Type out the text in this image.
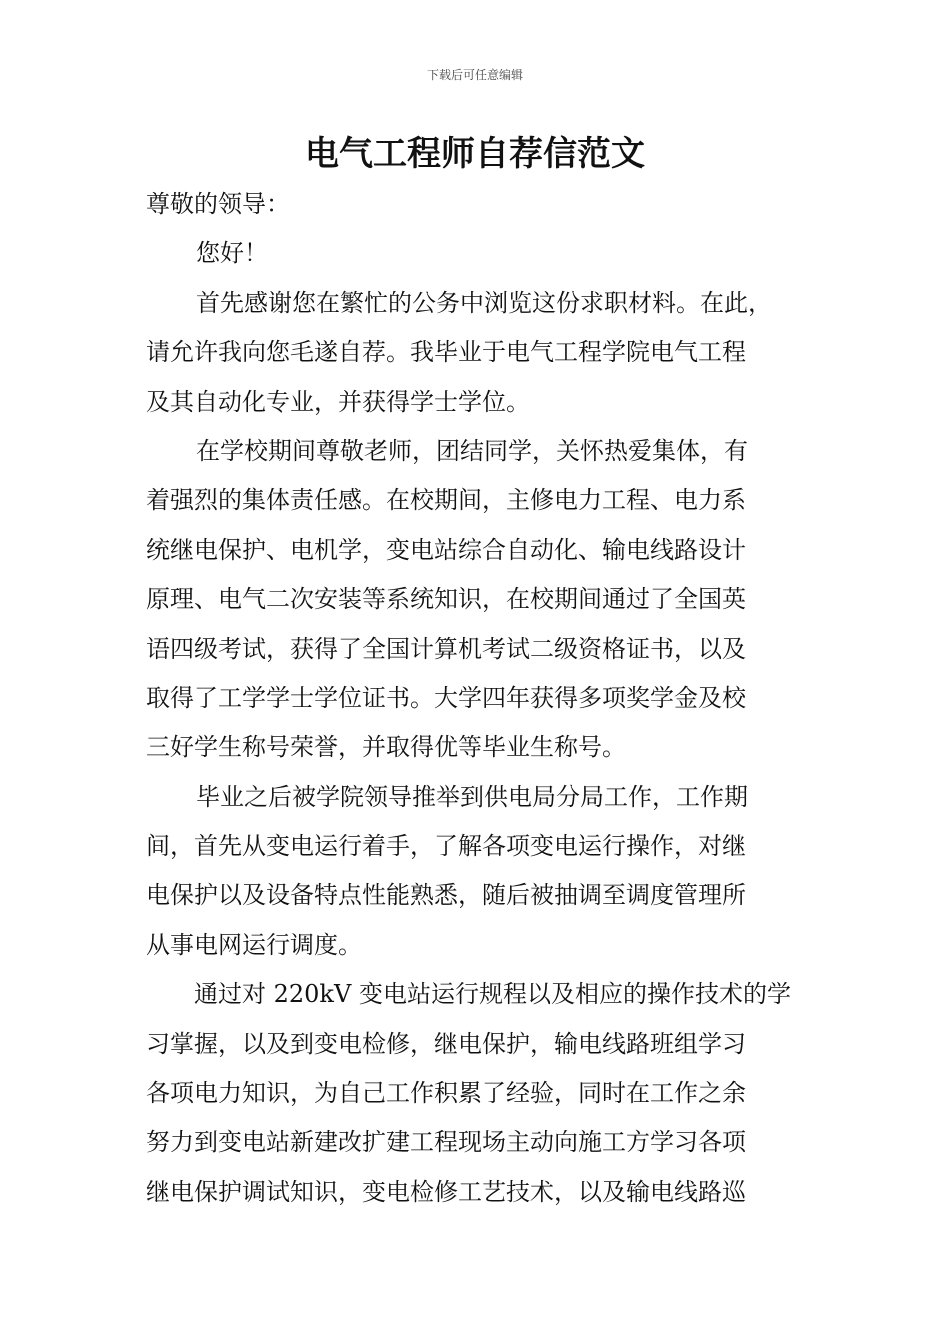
下载后可任意编辑
电气工程师自荐信范文
尊敬的领导：
您好！
首先感谢您在繁忙的公务中浏览这份求职材料。在此，
请允许我向您毛遂自荐。我毕业于电气工程学院电气工程
及其自动化专业，并获得学士学位。
在学校期间尊敬老师，团结同学，关怀热爱集体，有
着强烈的集体责任感。在校期间，主修电力工程、电力系
统继电保护、电机学，变电站综合自动化、输电线路设计
原理、电气二次安装等系统知识，在校期间通过了全国英
语四级考试，获得了全国计算机考试二级资格证书，以及
取得了工学学士学位证书。大学四年获得多项奖学金及校
三好学生称号荣誉，并取得优等毕业生称号。
毕业之后被学院领导推举到供电局分局工作，工作期
间，首先从变电运行着手，了解各项变电运行操作，对继
电保护以及设备特点性能熟悉，随后被抽调至调度管理所
从事电网运行调度。
通过对 220kV 变电站运行规程以及相应的操作技术的学
习掌握，以及到变电检修，继电保护，输电线路班组学习
各项电力知识，为自己工作积累了经验，同时在工作之余
努力到变电站新建改扩建工程现场主动向施工方学习各项
继电保护调试知识，变电检修工艺技术，以及输电线路巡
